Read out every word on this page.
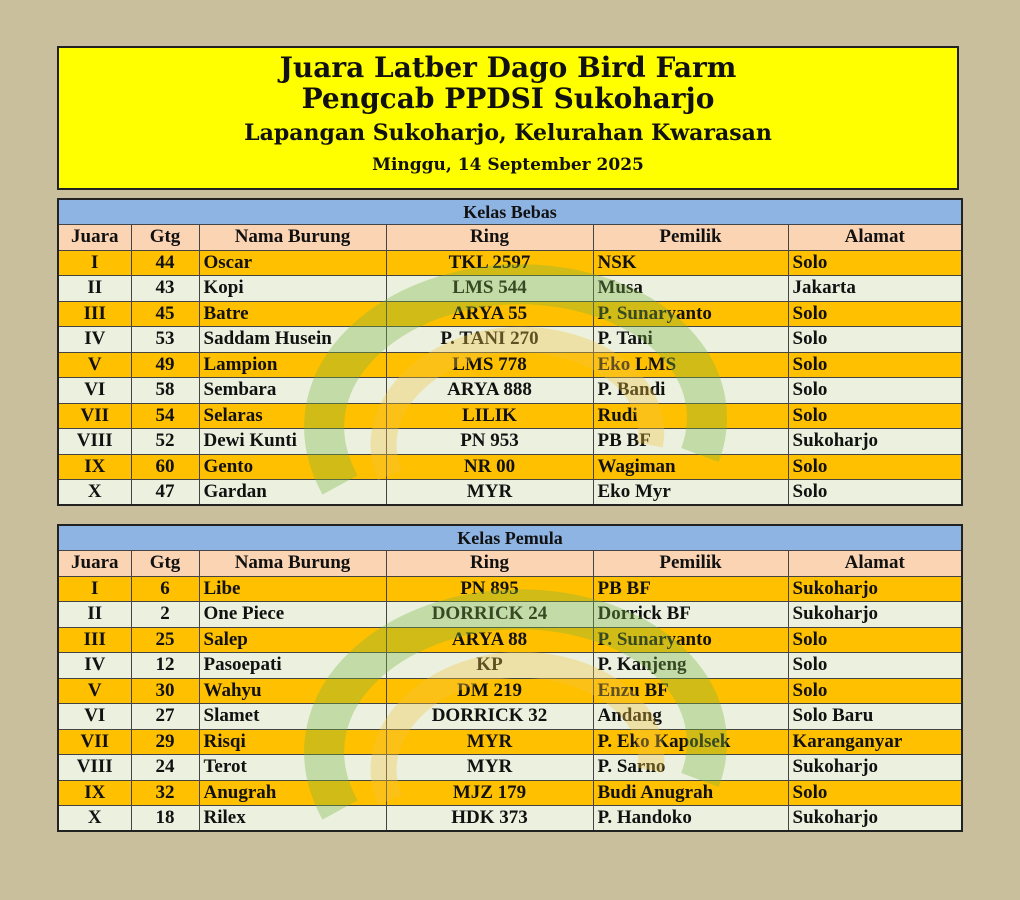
Juara Latber Dago Bird Farm
Pengcab PPDSI Sukoharjo
Lapangan Sukoharjo, Kelurahan Kwarasan
Minggu, 14 September 2025
Kelas Bebas					
Juara	Gtg	Nama Burung	Ring	Pemilik	Alamat
I	44	Oscar	TKL 2597	NSK	Solo
II	43	Kopi	LMS 544	Musa	Jakarta
III	45	Batre	ARYA 55	P. Sunaryanto	Solo
IV	53	Saddam Husein	P. TANI 270	P. Tani	Solo
V	49	Lampion	LMS 778	Eko LMS	Solo
VI	58	Sembara	ARYA 888	P. Bandi	Solo
VII	54	Selaras	LILIK	Rudi	Solo
VIII	52	Dewi Kunti	PN 953	PB BF	Sukoharjo
IX	60	Gento	NR 00	Wagiman	Solo
X	47	Gardan	MYR	Eko Myr	Solo
Kelas Pemula					
Juara	Gtg	Nama Burung	Ring	Pemilik	Alamat
I	6	Libe	PN 895	PB BF	Sukoharjo
II	2	One Piece	DORRICK 24	Dorrick BF	Sukoharjo
III	25	Salep	ARYA 88	P. Sunaryanto	Solo
IV	12	Pasoepati	KP	P. Kanjeng	Solo
V	30	Wahyu	DM 219	Enzu BF	Solo
VI	27	Slamet	DORRICK 32	Andang	Solo Baru
VII	29	Risqi	MYR	P. Eko Kapolsek	Karanganyar
VIII	24	Terot	MYR	P. Sarno	Sukoharjo
IX	32	Anugrah	MJZ 179	Budi Anugrah	Solo
X	18	Rilex	HDK 373	P. Handoko	Sukoharjo
